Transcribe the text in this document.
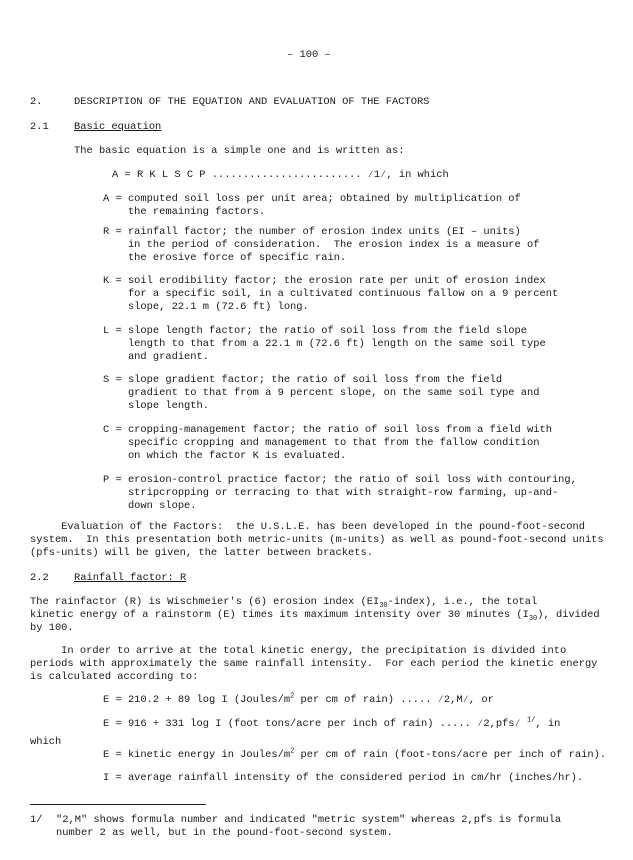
– 100 –
2.	DESCRIPTION OF THE EQUATION AND EVALUATION OF THE FACTORS
2.1 Basic equation
The basic equation is a simple one and is written as:
A = R K L S C P ........................ ⁄1⁄, in which
A = computed soil loss per unit area; obtained by multiplication of
the remaining factors.
R = rainfall factor; the number of erosion index units (EI – units)
in the period of consideration.  The erosion index is a measure of
the erosive force of specific rain.
K = soil erodibility factor; the erosion rate per unit of erosion index
for a specific soil, in a cultivated continuous fallow on a 9 percent
slope, 22.1 m (72.6 ft) long.
L = slope length factor; the ratio of soil loss from the field slope
length to that from a 22.1 m (72.6 ft) length on the same soil type
and gradient.
S = slope gradient factor; the ratio of soil loss from the field
gradient to that from a 9 percent slope, on the same soil type and
slope length.
C = cropping-management factor; the ratio of soil loss from a field with
specific cropping and management to that from the fallow condition
on which the factor K is evaluated.
P = erosion-control practice factor; the ratio of soil loss with contouring,
stripcropping or terracing to that with straight-row farming, up-and-
down slope.
Evaluation of the Factors:  the U.S.L.E. has been developed in the pound-foot-second
system.  In this presentation both metric-units (m-units) as well as pound-foot-second units
(pfs-units) will be given, the latter between brackets.
2.2 Rainfall factor: R
The rainfactor (R) is Wischmeier's (6) erosion index $(EI_{30}-index)$, i.e., the total
kinetic energy of a rainstorm (E) times its maximum intensity over 30 minutes $(I_{30})$, divided
by 100.
In order to arrive at the total kinetic energy, the precipitation is divided into
periods with approximately the same rainfall intensity.  For each period the kinetic energy
is calculated according to:
E = 210.2 + 89 log I ($Joules/m^2$ per cm of rain) ..... ⁄2,M⁄, or
E = 916 + 331 log I (foot tons/acre per inch of rain) ..... ⁄2,pfs⁄ $^{1/}$, in
which
E = kinetic energy in Joules/$m^2$ per cm of rain (foot-tons/acre per inch of rain).
I = average rainfall intensity of the considered period in cm/hr (inches/hr).
1/ "2,M" shows formula number and indicated "metric system" whereas 2,pfs is formula
number 2 as well, but in the pound-foot-second system.
